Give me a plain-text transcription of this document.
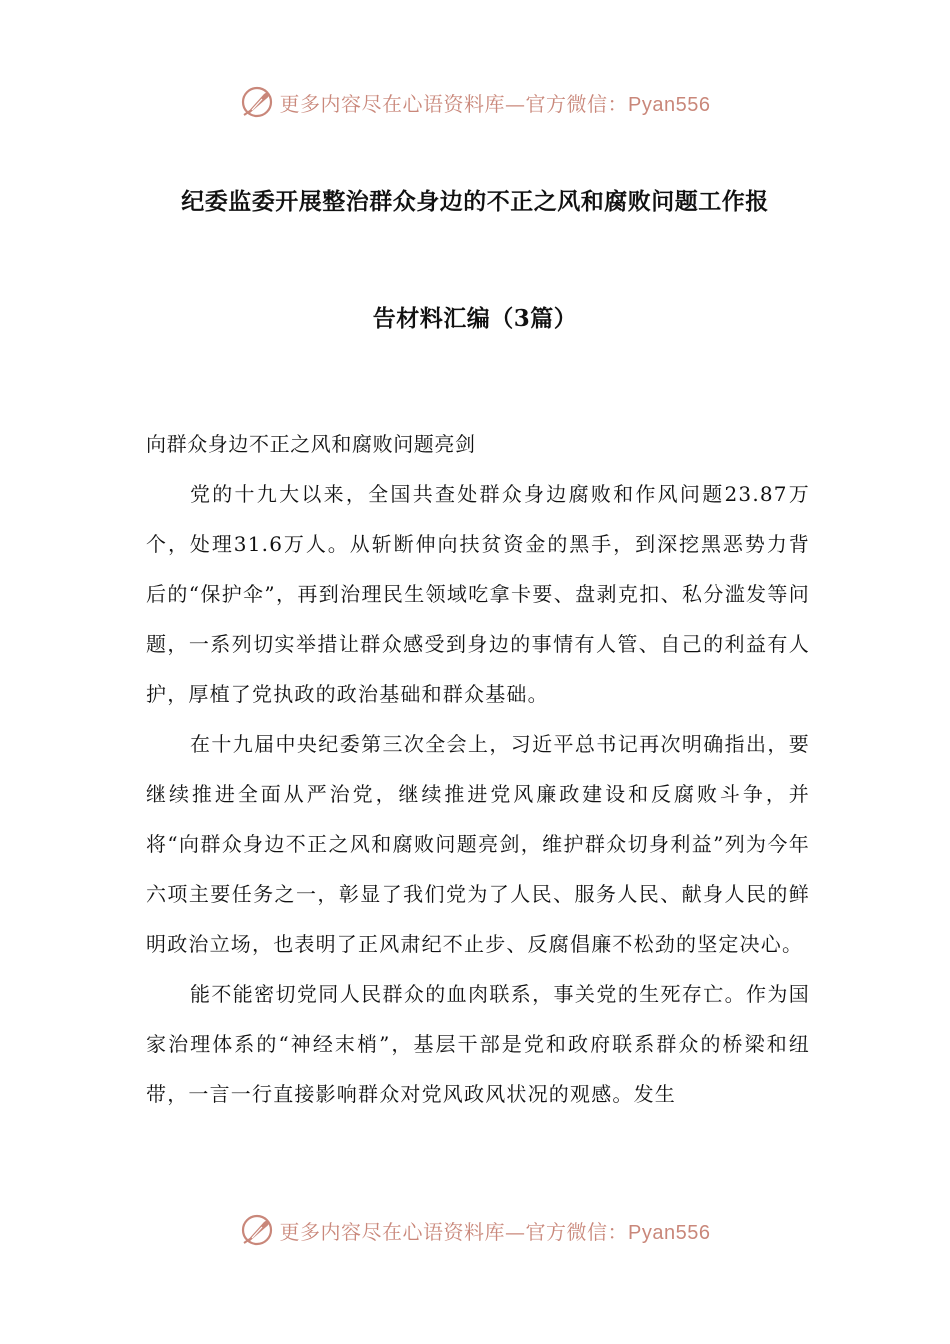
更多内容尽在心语资料库—官方微信：Pyan556
纪委监委开展整治群众身边的不正之风和腐败问题工作报
告材料汇编（3篇）

向群众身边不正之风和腐败问题亮剑

党的十九大以来，全国共查处群众身边腐败和作风问题23.87万个，处理31.6万人。从斩断伸向扶贫资金的黑手，到深挖黑恶势力背后的“保护伞”，再到治理民生领域吃拿卡要、盘剥克扣、私分滥发等问题，一系列切实举措让群众感受到身边的事情有人管、自己的利益有人护，厚植了党执政的政治基础和群众基础。

在十九届中央纪委第三次全会上，习近平总书记再次明确指出，要继续推进全面从严治党，继续推进党风廉政建设和反腐败斗争，并将“向群众身边不正之风和腐败问题亮剑，维护群众切身利益”列为今年六项主要任务之一，彰显了我们党为了人民、服务人民、献身人民的鲜明政治立场，也表明了正风肃纪不止步、反腐倡廉不松劲的坚定决心。

能不能密切党同人民群众的血肉联系，事关党的生死存亡。作为国家治理体系的“神经末梢”，基层干部是党和政府联系群众的桥梁和纽带，一言一行直接影响群众对党风政风状况的观感。发生

更多内容尽在心语资料库—官方微信：Pyan556
